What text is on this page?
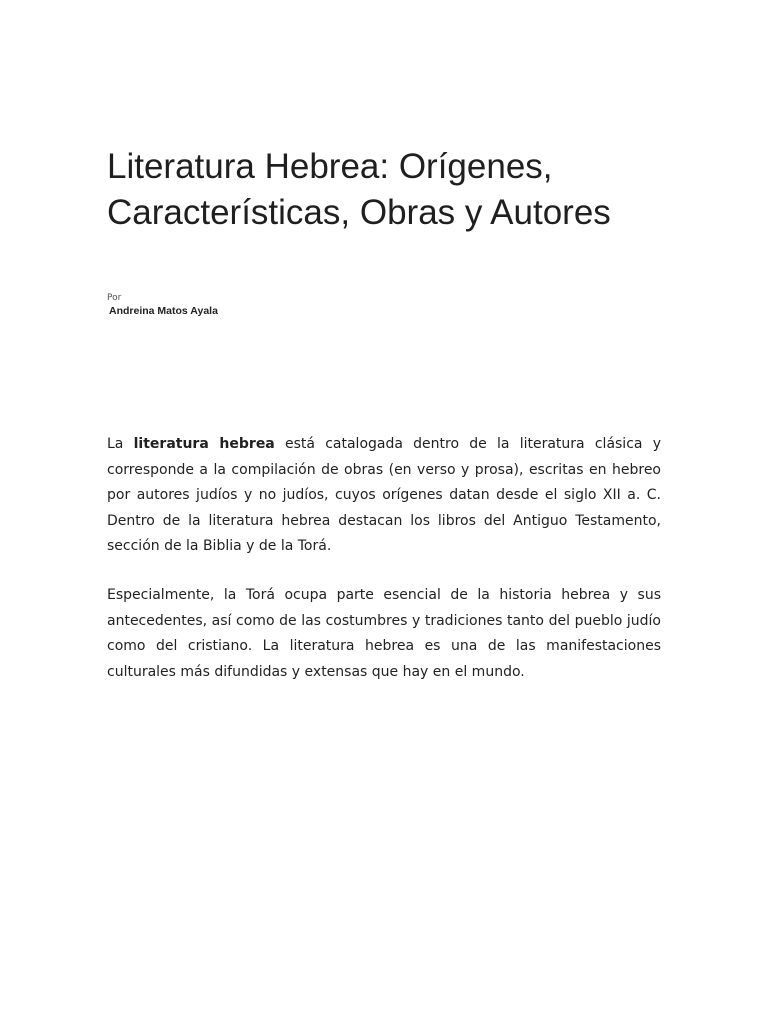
Literatura Hebrea: Orígenes, Características, Obras y Autores
Por
Andreina Matos Ayala

La literatura hebrea está catalogada dentro de la literatura clásica y corresponde a la compilación de obras (en verso y prosa), escritas en hebreo por autores judíos y no judíos, cuyos orígenes datan desde el siglo XII a. C. Dentro de la literatura hebrea destacan los libros del Antiguo Testamento, sección de la Biblia y de la Torá.

Especialmente, la Torá ocupa parte esencial de la historia hebrea y sus antecedentes, así como de las costumbres y tradiciones tanto del pueblo judío como del cristiano. La literatura hebrea es una de las manifestaciones culturales más difundidas y extensas que hay en el mundo.
